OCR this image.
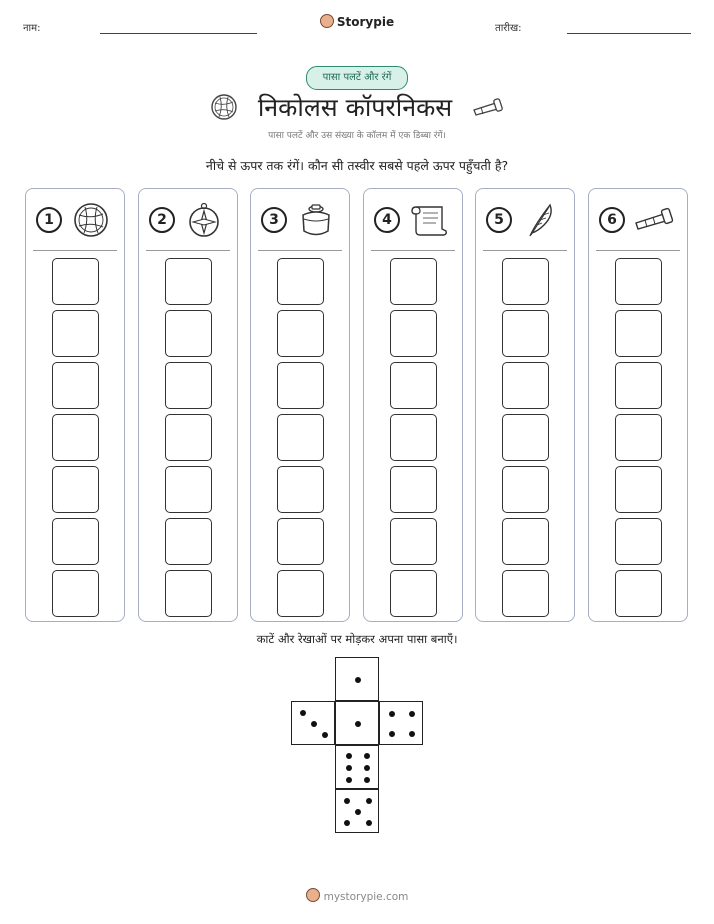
नाम:	Storypie	तारीख:
पासा पलटें और रंगें
निकोलस कॉपरनिकस
पासा पलटें और उस संख्या के कॉलम में एक डिब्बा रंगें।
नीचे से ऊपर तक रंगें। कौन सी तस्वीर सबसे पहले ऊपर पहुँचती है?
1	2	3	4	5	6
काटें और रेखाओं पर मोड़कर अपना पासा बनाएँ।
mystorypie.com
